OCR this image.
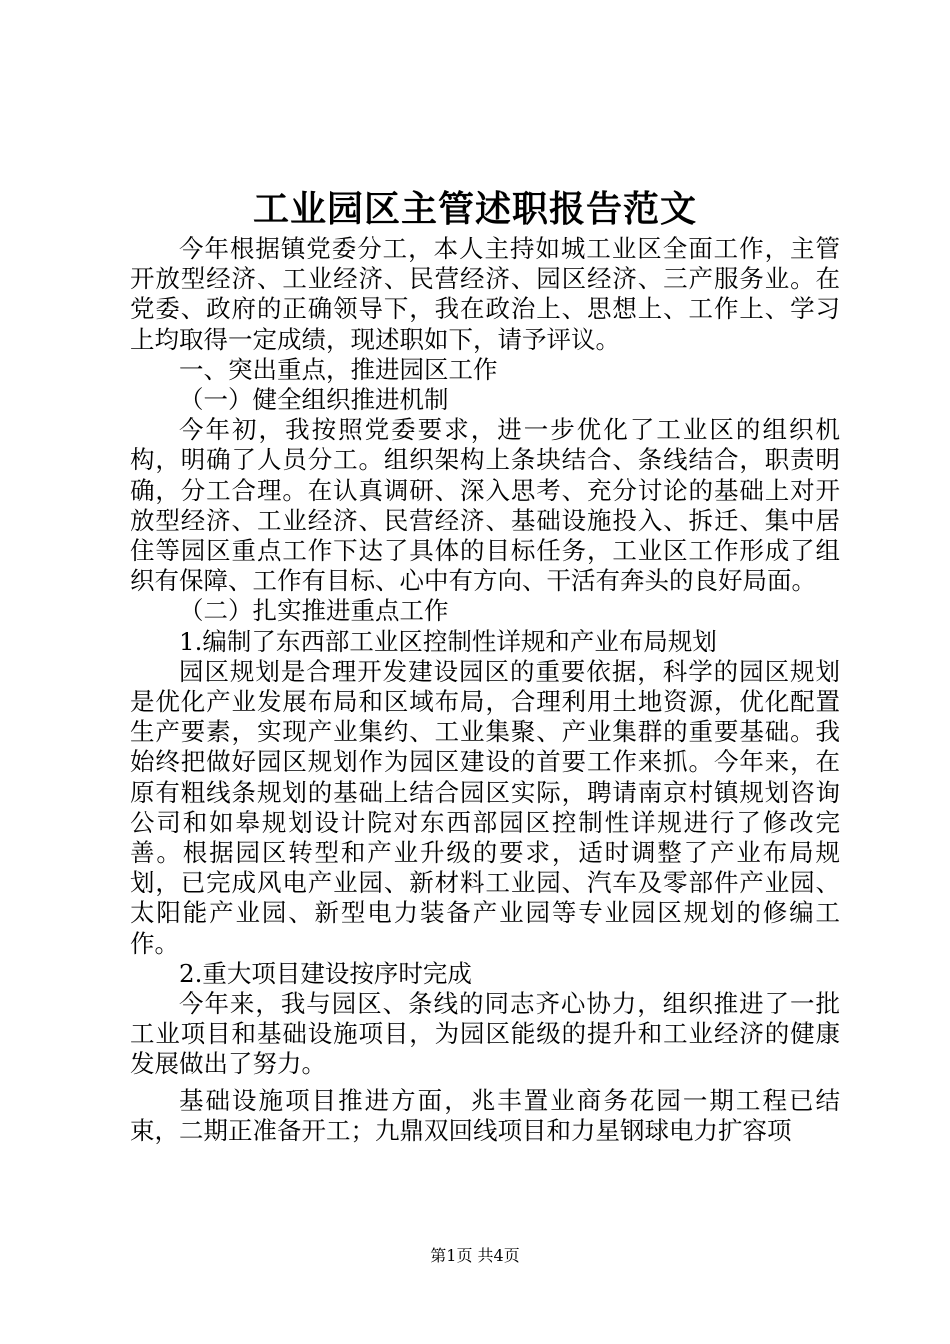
工业园区主管述职报告范文

今年根据镇党委分工，本人主持如城工业区全面工作，主管开放型经济、工业经济、民营经济、园区经济、三产服务业。在党委、政府的正确领导下，我在政治上、思想上、工作上、学习上均取得一定成绩，现述职如下，请予评议。

一、突出重点，推进园区工作

（一）健全组织推进机制

今年初，我按照党委要求，进一步优化了工业区的组织机构，明确了人员分工。组织架构上条块结合、条线结合，职责明确，分工合理。在认真调研、深入思考、充分讨论的基础上对开放型经济、工业经济、民营经济、基础设施投入、拆迁、集中居住等园区重点工作下达了具体的目标任务，工业区工作形成了组织有保障、工作有目标、心中有方向、干活有奔头的良好局面。

（二）扎实推进重点工作

1.编制了东西部工业区控制性详规和产业布局规划

园区规划是合理开发建设园区的重要依据，科学的园区规划是优化产业发展布局和区域布局，合理利用土地资源，优化配置生产要素，实现产业集约、工业集聚、产业集群的重要基础。我始终把做好园区规划作为园区建设的首要工作来抓。今年来，在原有粗线条规划的基础上结合园区实际，聘请南京村镇规划咨询公司和如皋规划设计院对东西部园区控制性详规进行了修改完善。根据园区转型和产业升级的要求，适时调整了产业布局规划，已完成风电产业园、新材料工业园、汽车及零部件产业园、太阳能产业园、新型电力装备产业园等专业园区规划的修编工作。

2.重大项目建设按序时完成

今年来，我与园区、条线的同志齐心协力，组织推进了一批工业项目和基础设施项目，为园区能级的提升和工业经济的健康发展做出了努力。

基础设施项目推进方面，兆丰置业商务花园一期工程已结束，二期正准备开工；九鼎双回线项目和力星钢球电力扩容项

第1页 共4页
